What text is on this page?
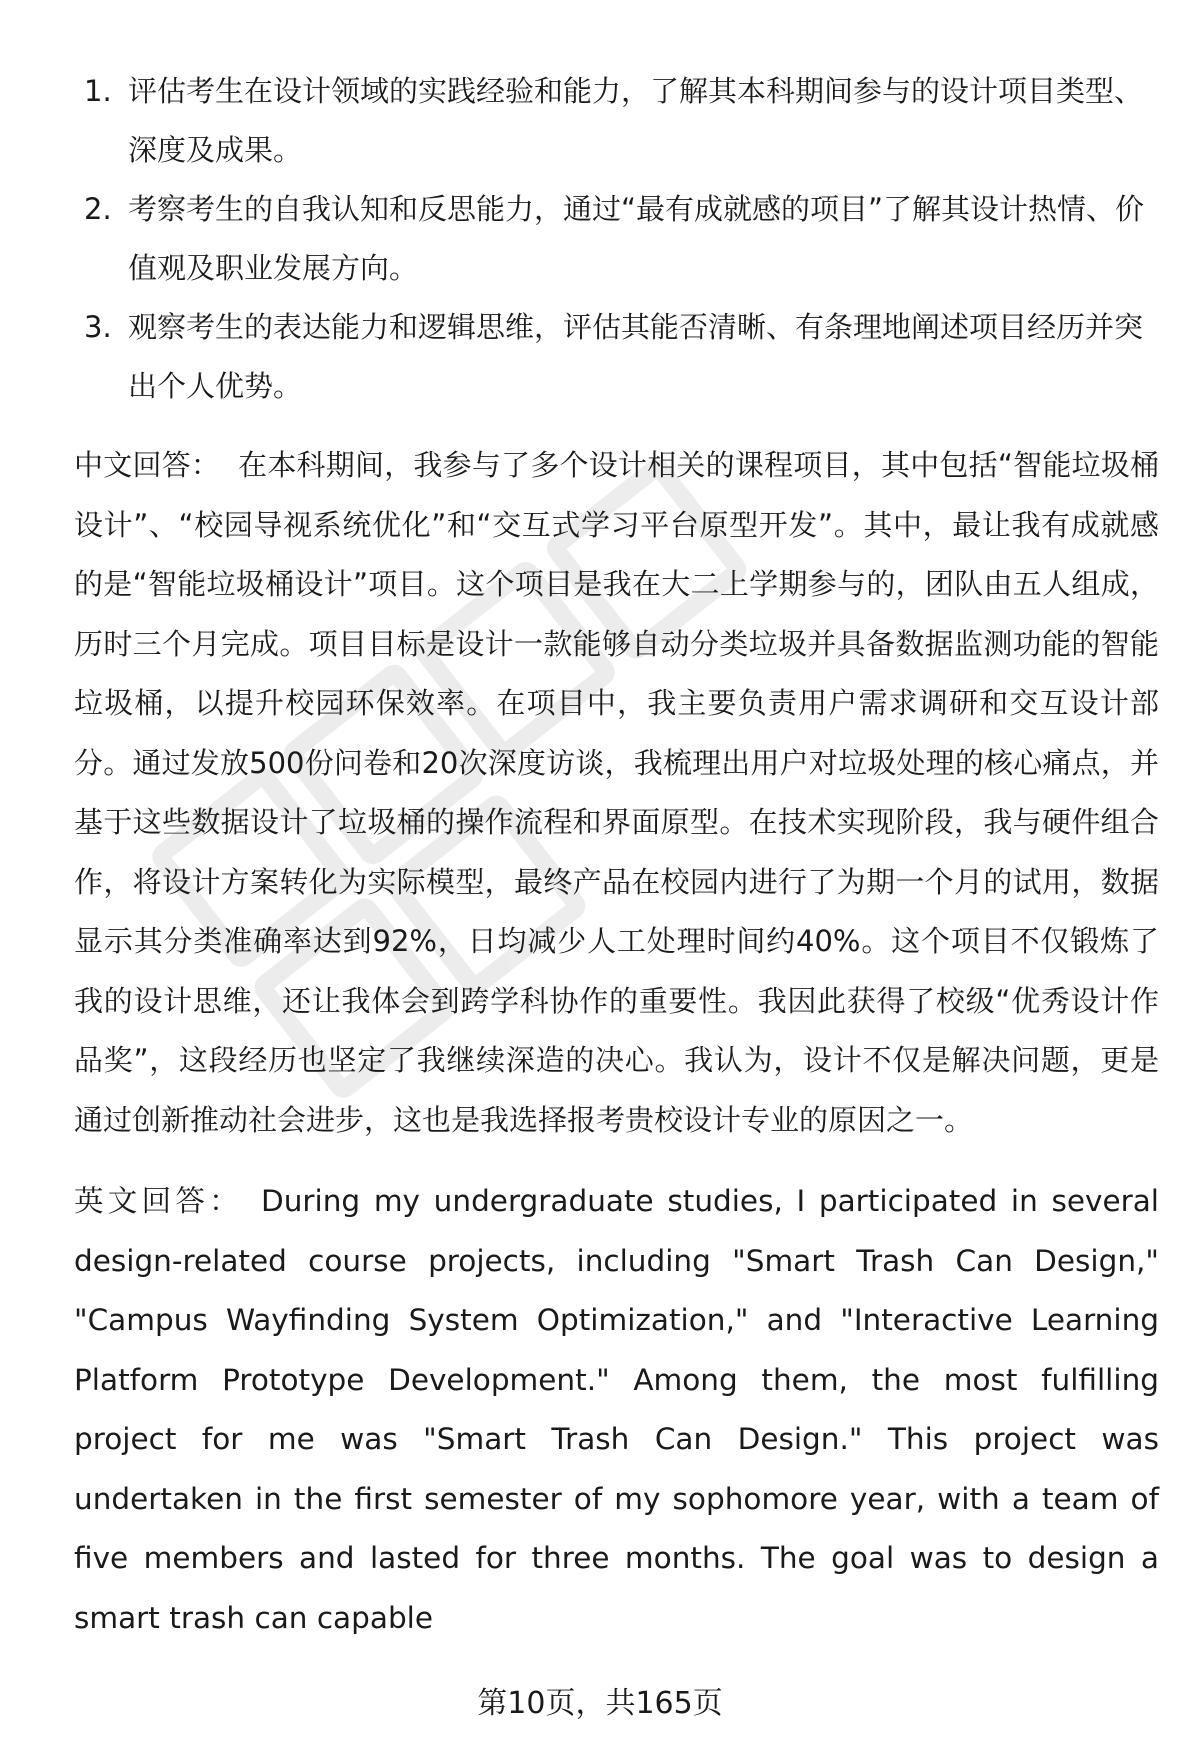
1. 评估考生在设计领域的实践经验和能力，了解其本科期间参与的设计项目类型、深度及成果。
2. 考察考生的自我认知和反思能力，通过“最有成就感的项目”了解其设计热情、价值观及职业发展方向。
3. 观察考生的表达能力和逻辑思维，评估其能否清晰、有条理地阐述项目经历并突出个人优势。

中文回答： 在本科期间，我参与了多个设计相关的课程项目，其中包括“智能垃圾桶设计”、“校园导视系统优化”和“交互式学习平台原型开发”。其中，最让我有成就感的是“智能垃圾桶设计”项目。这个项目是我在大二上学期参与的，团队由五人组成，历时三个月完成。项目目标是设计一款能够自动分类垃圾并具备数据监测功能的智能垃圾桶，以提升校园环保效率。在项目中，我主要负责用户需求调研和交互设计部分。通过发放500份问卷和20次深度访谈，我梳理出用户对垃圾处理的核心痛点，并基于这些数据设计了垃圾桶的操作流程和界面原型。在技术实现阶段，我与硬件组合作，将设计方案转化为实际模型，最终产品在校园内进行了为期一个月的试用，数据显示其分类准确率达到92%，日均减少人工处理时间约40%。这个项目不仅锻炼了我的设计思维，还让我体会到跨学科协作的重要性。我因此获得了校级“优秀设计作品奖”，这段经历也坚定了我继续深造的决心。我认为，设计不仅是解决问题，更是通过创新推动社会进步，这也是我选择报考贵校设计专业的原因之一。

英文回答： During my undergraduate studies, I participated in several design-related course projects, including "Smart Trash Can Design," "Campus Wayfinding System Optimization," and "Interactive Learning Platform Prototype Development." Among them, the most fulfilling project for me was "Smart Trash Can Design." This project was undertaken in the first semester of my sophomore year, with a team of five members and lasted for three months. The goal was to design a smart trash can capable

第10页，共165页
